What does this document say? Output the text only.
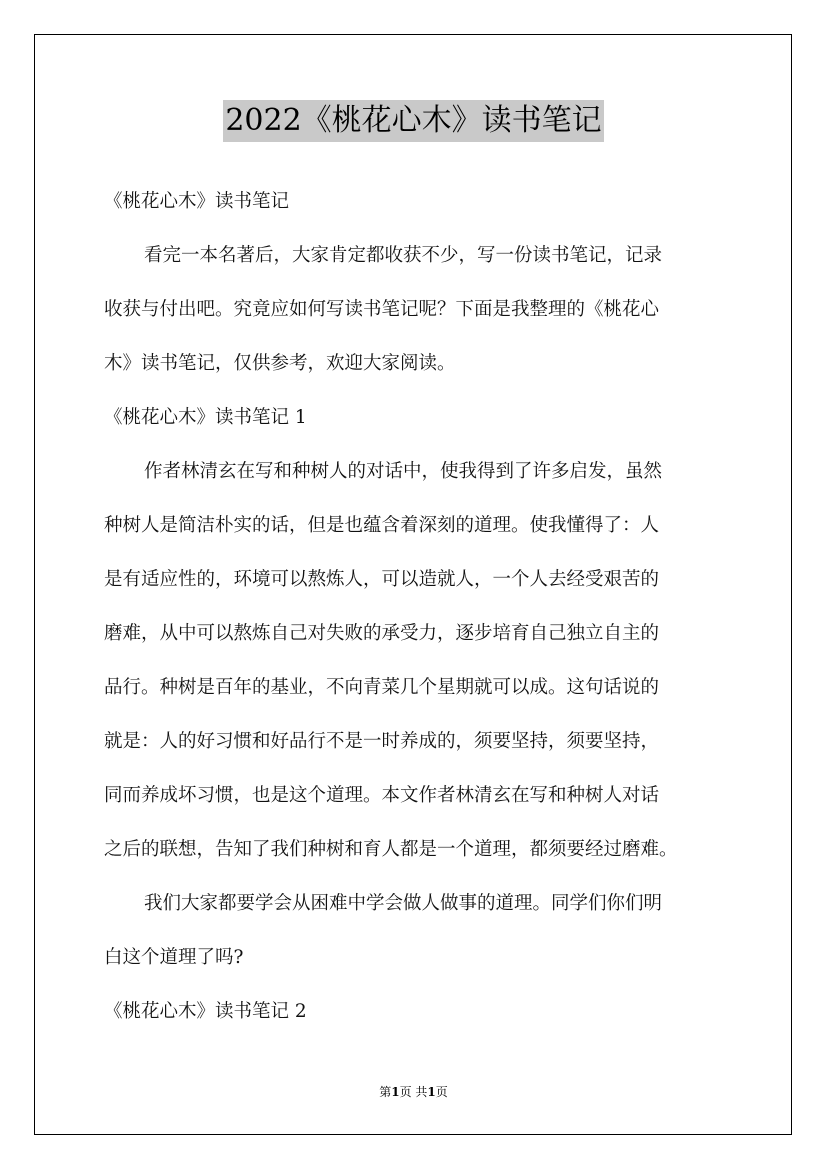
2022《桃花心木》读书笔记
《桃花心木》读书笔记
看完一本名著后，大家肯定都收获不少，写一份读书笔记，记录
收获与付出吧。究竟应如何写读书笔记呢？下面是我整理的《桃花心
木》读书笔记，仅供参考，欢迎大家阅读。
《桃花心木》读书笔记 1
作者林清玄在写和种树人的对话中，使我得到了许多启发，虽然
种树人是简洁朴实的话，但是也蕴含着深刻的道理。使我懂得了：人
是有适应性的，环境可以熬炼人，可以造就人，一个人去经受艰苦的
磨难，从中可以熬炼自己对失败的承受力，逐步培育自己独立自主的
品行。种树是百年的基业，不向青菜几个星期就可以成。这句话说的
就是：人的好习惯和好品行不是一时养成的，须要坚持，须要坚持，
同而养成坏习惯，也是这个道理。本文作者林清玄在写和种树人对话
之后的联想，告知了我们种树和育人都是一个道理，都须要经过磨难。
我们大家都要学会从困难中学会做人做事的道理。同学们你们明
白这个道理了吗?
《桃花心木》读书笔记 2
第1页 共1页
